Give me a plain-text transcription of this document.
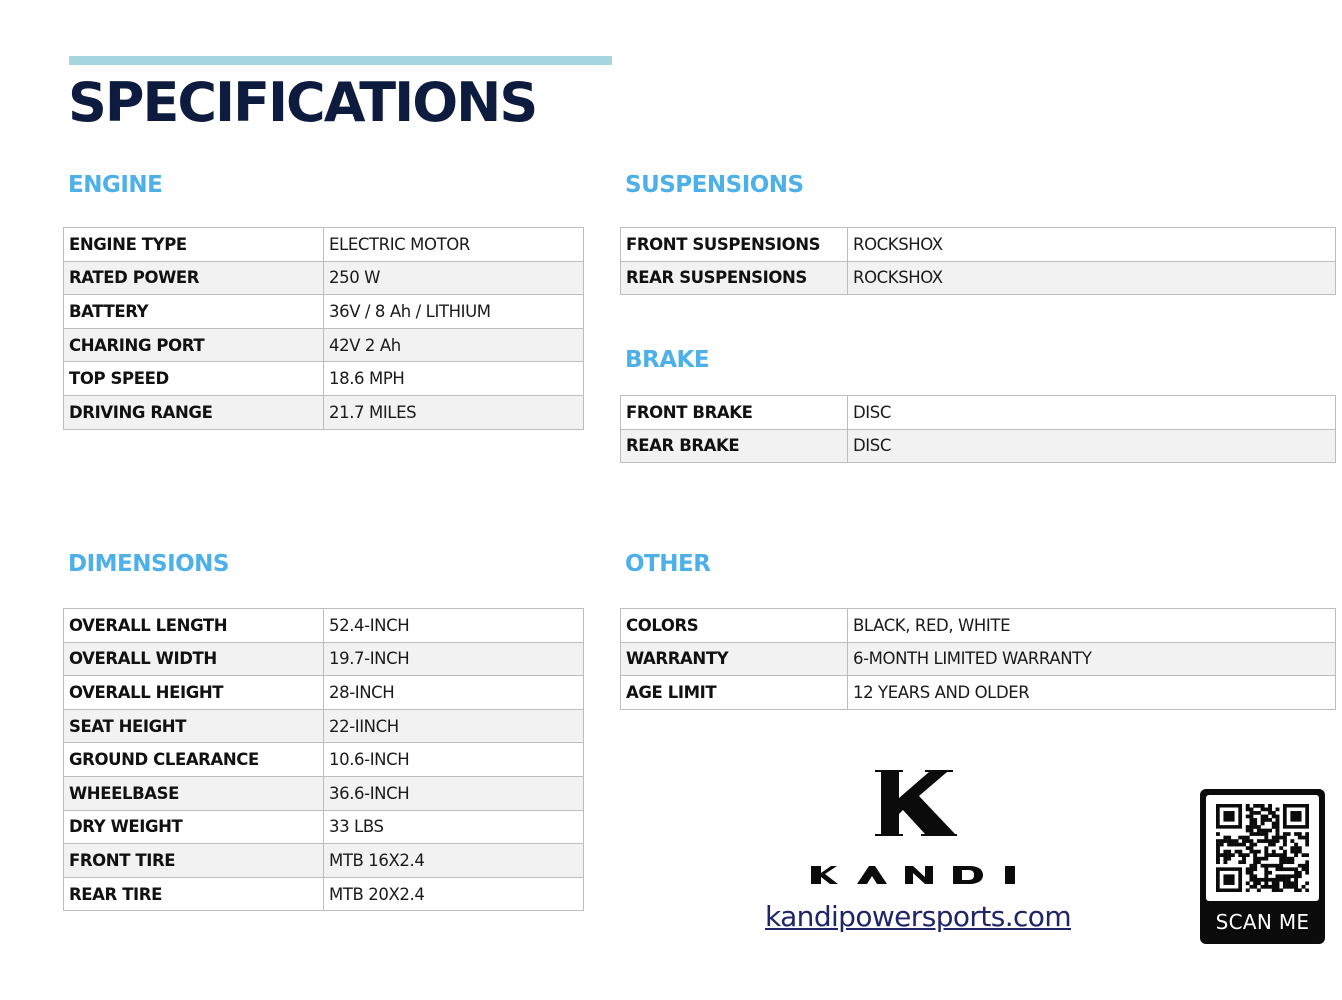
SPECIFICATIONS
ENGINE
ENGINE TYPE	ELECTRIC MOTOR
RATED POWER	250 W
BATTERY	36V / 8 Ah / LITHIUM
CHARING PORT	42V 2 Ah
TOP SPEED	18.6 MPH
DRIVING RANGE	21.7 MILES
SUSPENSIONS
FRONT SUSPENSIONS	ROCKSHOX
REAR SUSPENSIONS	ROCKSHOX
BRAKE
FRONT BRAKE	DISC
REAR BRAKE	DISC
DIMENSIONS
OVERALL LENGTH	52.4-INCH
OVERALL WIDTH	19.7-INCH
OVERALL HEIGHT	28-INCH
SEAT HEIGHT	22-IINCH
GROUND CLEARANCE	10.6-INCH
WHEELBASE	36.6-INCH
DRY WEIGHT	33 LBS
FRONT TIRE	MTB 16X2.4
REAR TIRE	MTB 20X2.4
OTHER
COLORS	BLACK, RED, WHITE
WARRANTY	6-MONTH LIMITED WARRANTY
AGE LIMIT	12 YEARS AND OLDER
kandipowersports.com	SCAN ME
